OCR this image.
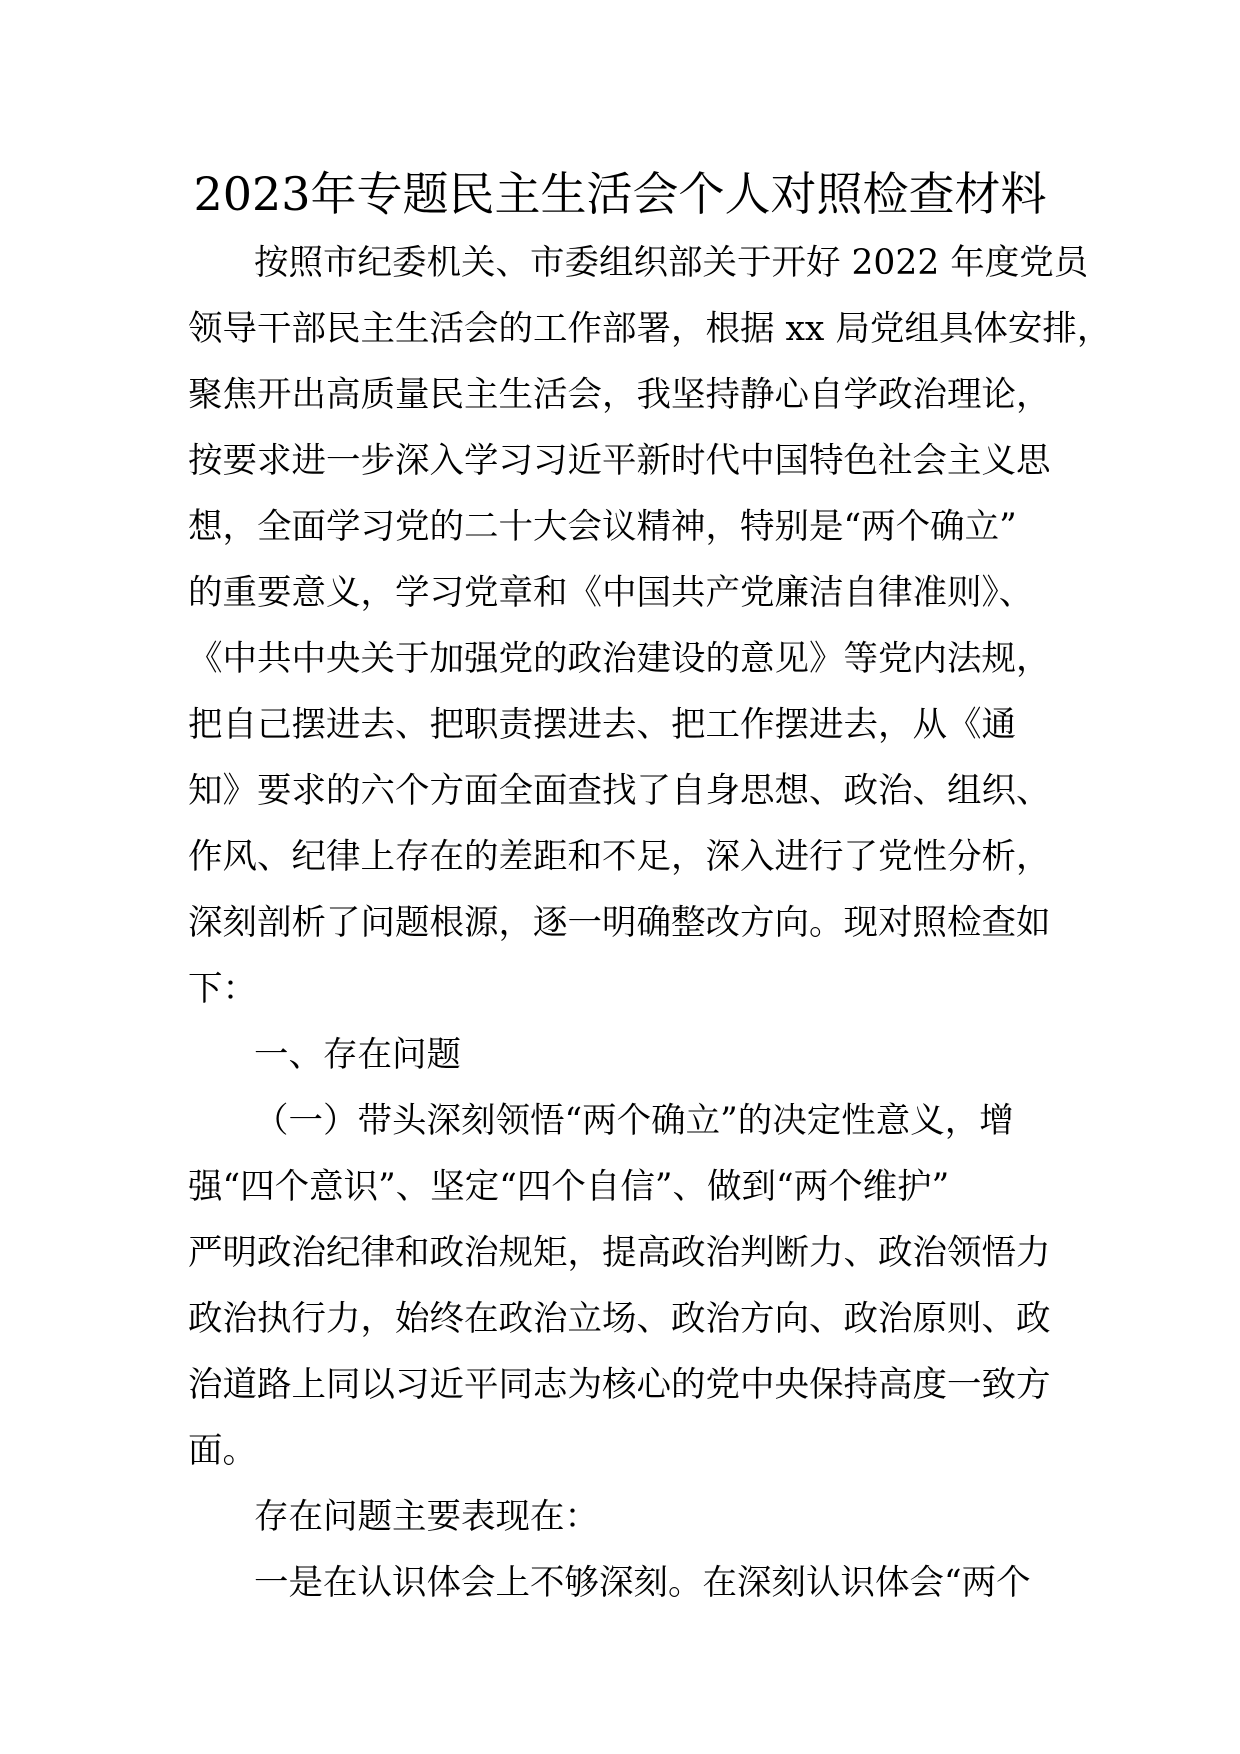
2023年专题民主生活会个人对照检查材料
按照市纪委机关、市委组织部关于开好 2022 年度党员
领导干部民主生活会的工作部署，根据 xx 局党组具体安排，
聚焦开出高质量民主生活会，我坚持静心自学政治理论，
按要求进一步深入学习习近平新时代中国特色社会主义思
想，全面学习党的二十大会议精神，特别是“两个确立”
的重要意义，学习党章和《中国共产党廉洁自律准则》、
《中共中央关于加强党的政治建设的意见》等党内法规，
把自己摆进去、把职责摆进去、把工作摆进去，从《通
知》要求的六个方面全面查找了自身思想、政治、组织、
作风、纪律上存在的差距和不足，深入进行了党性分析，
深刻剖析了问题根源，逐一明确整改方向。现对照检查如
下：
一、存在问题
（一）带头深刻领悟“两个确立”的决定性意义，增
强“四个意识”、坚定“四个自信”、做到“两个维护”
严明政治纪律和政治规矩，提高政治判断力、政治领悟力
政治执行力，始终在政治立场、政治方向、政治原则、政
治道路上同以习近平同志为核心的党中央保持高度一致方
面。
存在问题主要表现在：
一是在认识体会上不够深刻。在深刻认识体会“两个
